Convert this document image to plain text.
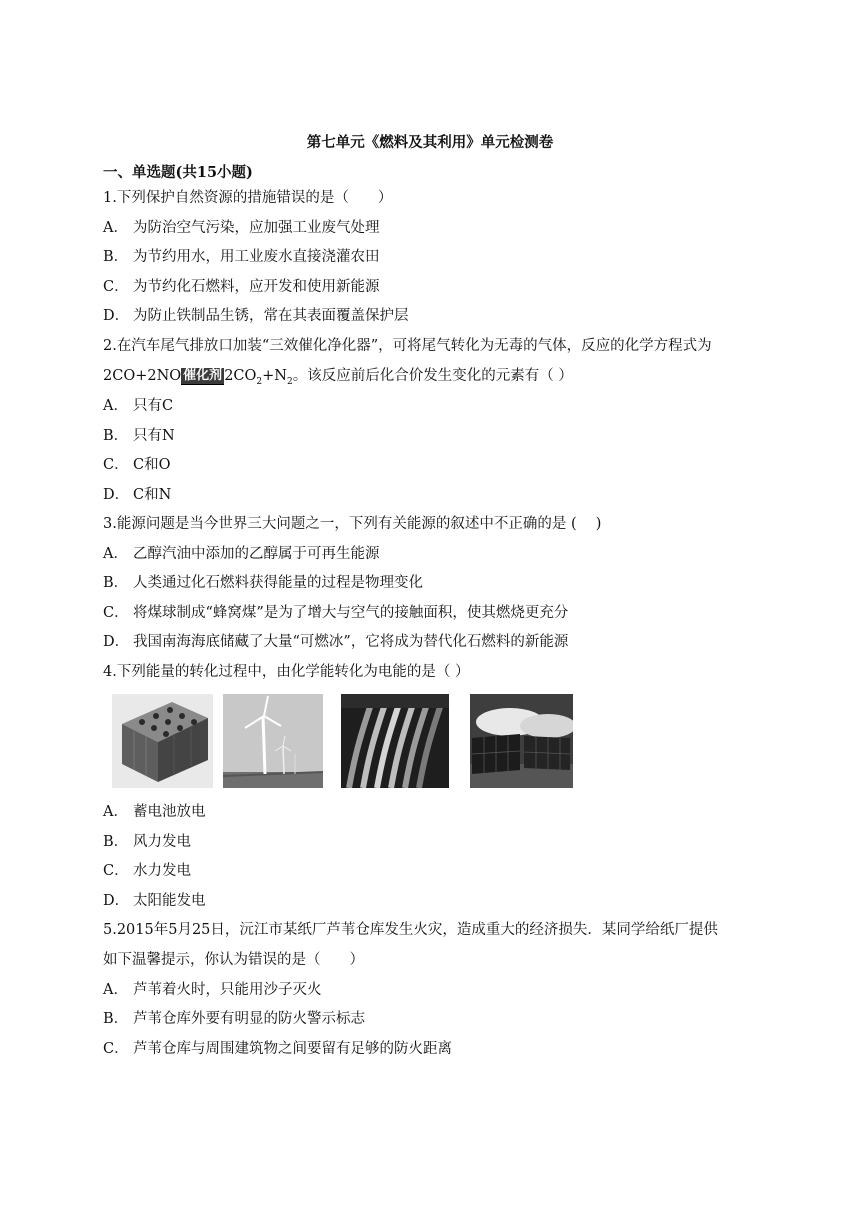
第七单元《燃料及其利用》单元检测卷
一、单选题(共15小题)
1.下列保护自然资源的措施错误的是（　　）
A． 为防治空气污染，应加强工业废气处理
B． 为节约用水，用工业废水直接浇灌农田
C． 为节约化石燃料，应开发和使用新能源
D． 为防止铁制品生锈，常在其表面覆盖保护层
2.在汽车尾气排放口加装“三效催化净化器”，可将尾气转化为无毒的气体，反应的化学方程式为
2CO+2NO 催化剂 $2CO_2+N_2$。该反应前后化合价发生变化的元素有（ ）
A． 只有C
B． 只有N
C． C和O
D． C和N
3.能源问题是当今世界三大问题之一，下列有关能源的叙述中不正确的是 (　 )
A． 乙醇汽油中添加的乙醇属于可再生能源
B． 人类通过化石燃料获得能量的过程是物理变化
C． 将煤球制成“蜂窝煤”是为了增大与空气的接触面积，使其燃烧更充分
D． 我国南海海底储藏了大量“可燃冰”，它将成为替代化石燃料的新能源
4.下列能量的转化过程中，由化学能转化为电能的是（ ）
A． 蓄电池放电
B． 风力发电
C． 水力发电
D． 太阳能发电
5.2015年5月25日，沅江市某纸厂芦苇仓库发生火灾，造成重大的经济损失．某同学给纸厂提供
如下温馨提示，你认为错误的是（　　）
A． 芦苇着火时，只能用沙子灭火
B． 芦苇仓库外要有明显的防火警示标志
C． 芦苇仓库与周围建筑物之间要留有足够的防火距离
